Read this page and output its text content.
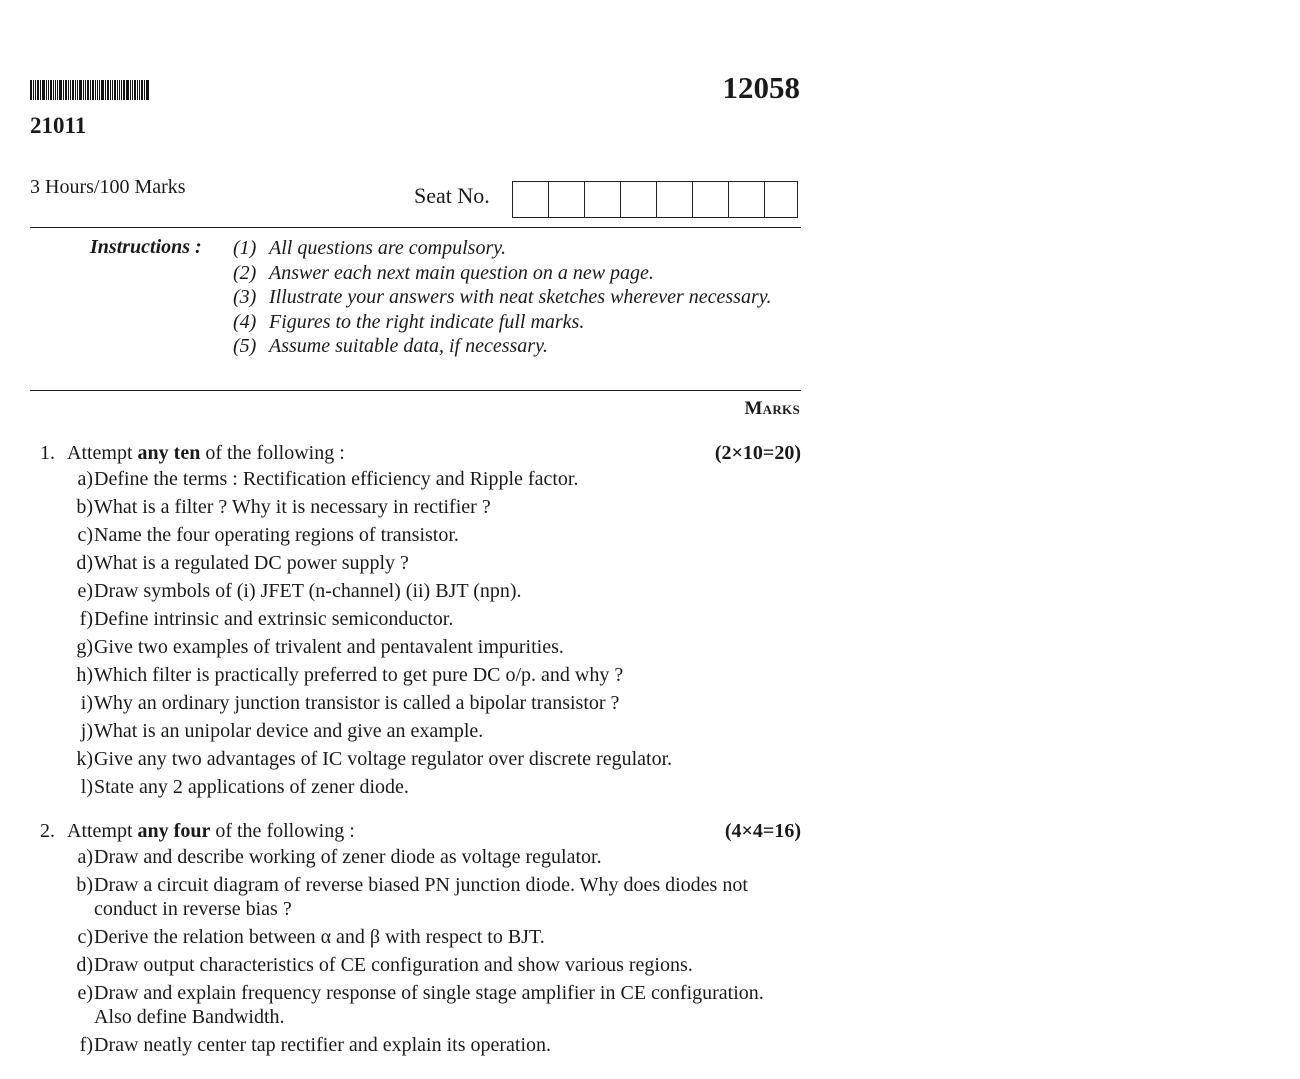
21011
12058
3 Hours/100 Marks	Seat No.
Instructions : (1) All questions are compulsory.
(2) Answer each next main question on a new page.
(3) Illustrate your answers with neat sketches wherever necessary.
(4) Figures to the right indicate full marks.
(5) Assume suitable data, if necessary.
Marks
1. Attempt any ten of the following :	(2×10=20)
a) Define the terms : Rectification efficiency and Ripple factor.
b) What is a filter ? Why it is necessary in rectifier ?
c) Name the four operating regions of transistor.
d) What is a regulated DC power supply ?
e) Draw symbols of (i) JFET (n-channel) (ii) BJT (npn).
f) Define intrinsic and extrinsic semiconductor.
g) Give two examples of trivalent and pentavalent impurities.
h) Which filter is practically preferred to get pure DC o/p. and why ?
i) Why an ordinary junction transistor is called a bipolar transistor ?
j) What is an unipolar device and give an example.
k) Give any two advantages of IC voltage regulator over discrete regulator.
l) State any 2 applications of zener diode.
2. Attempt any four of the following :	(4×4=16)
a) Draw and describe working of zener diode as voltage regulator.
b) Draw a circuit diagram of reverse biased PN junction diode. Why does diodes not conduct in reverse bias ?
c) Derive the relation between α and β with respect to BJT.
d) Draw output characteristics of CE configuration and show various regions.
e) Draw and explain frequency response of single stage amplifier in CE configuration. Also define Bandwidth.
f) Draw neatly center tap rectifier and explain its operation.
